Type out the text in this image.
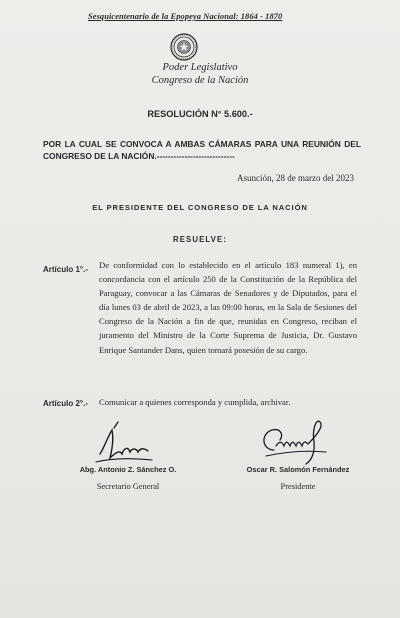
Sesquicentenario de la Epopeya Nacional: 1864 - 1870
Poder Legislativo
Congreso de la Nación
RESOLUCIÓN N° 5.600.-
POR LA CUAL SE CONVOCA A AMBAS CÁMARAS PARA UNA REUNIÓN DEL CONGRESO DE LA NACIÓN.----------------------------
Asunción, 28 de marzo del 2023
EL PRESIDENTE DEL CONGRESO DE LA NACIÓN
RESUELVE:
Artículo 1°.- De conformidad con lo establecido en el artículo 183 numeral 1), en concordancia con el artículo 250 de la Constitución de la República del Paraguay, convocar a las Cámaras de Senadores y de Diputados, para el día lunes 03 de abril de 2023, a las 09:00 horas, en la Sala de Sesiones del Congreso de la Nación a fin de que, reunidas en Congreso, reciban el juramento del Ministro de la Corte Suprema de Justicia, Dr. Gustavo Enrique Santander Dans, quien tomará posesión de su cargo.
Artículo 2°.- Comunicar a quienes corresponda y cumplida, archivar.
Abg. Antonio Z. Sánchez O.
Secretario General
Oscar R. Salomón Fernández
Presidente
